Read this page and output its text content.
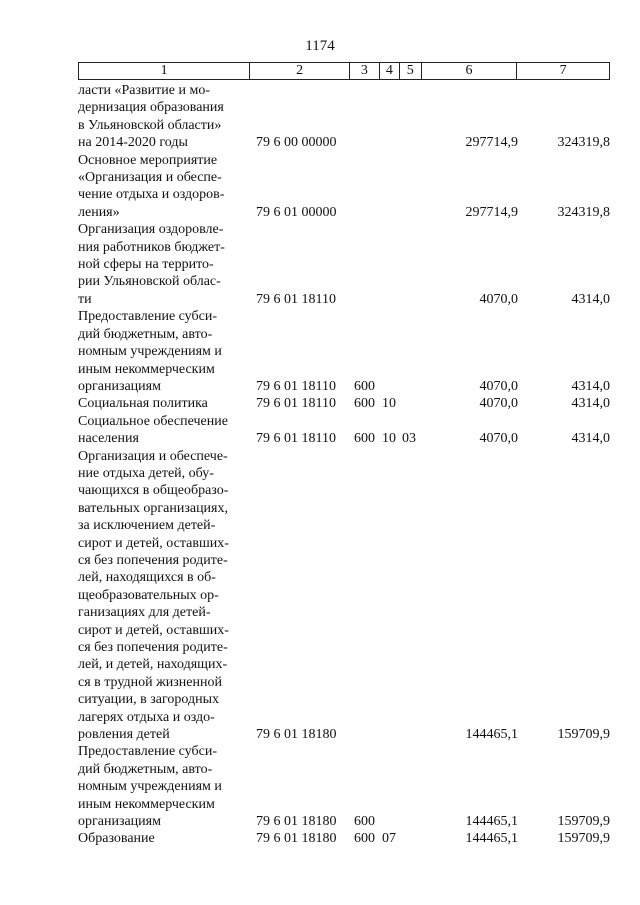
1174
1	2	3	4 5	6	7
ласти «Развитие и мо-
дернизация образования
в Ульяновской области»
на 2014-2020 годы	79 6 00 00000	297714,9	324319,8
Основное мероприятие
«Организация и обеспе-
чение отдыха и оздоров-
ления»	79 6 01 00000	297714,9	324319,8
Организация оздоровле-
ния работников бюджет-
ной сферы на террито-
рии Ульяновской облас-
ти	79 6 01 18110	4070,0	4314,0
Предоставление субси-
дий бюджетным, авто-
номным учреждениям и
иным некоммерческим
организациям	79 6 01 18110	600	4070,0	4314,0
Социальная политика	79 6 01 18110	600 10	4070,0	4314,0
Социальное обеспечение
населения	79 6 01 18110	600 10 03	4070,0	4314,0
Организация и обеспече-
ние отдыха детей, обу-
чающихся в общеобразо-
вательных организациях,
за исключением детей-
сирот и детей, оставших-
ся без попечения родите-
лей, находящихся в об-
щеобразовательных ор-
ганизациях для детей-
сирот и детей, оставших-
ся без попечения родите-
лей, и детей, находящих-
ся в трудной жизненной
ситуации, в загородных
лагерях отдыха и оздо-
ровления детей	79 6 01 18180	144465,1	159709,9
Предоставление субси-
дий бюджетным, авто-
номным учреждениям и
иным некоммерческим
организациям	79 6 01 18180	600	144465,1	159709,9
Образование	79 6 01 18180	600 07	144465,1	159709,9
